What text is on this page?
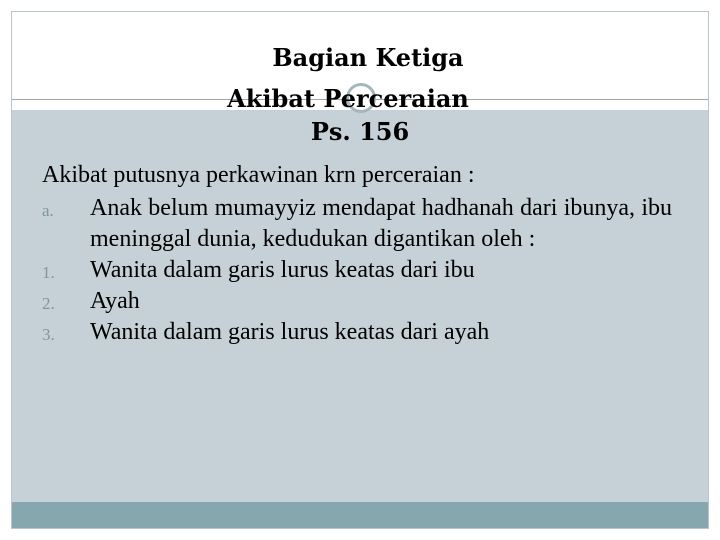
Bagian Ketiga
Akibat Perceraian
Ps. 156

Akibat putusnya perkawinan krn perceraian :

a. Anak belum mumayyiz mendapat hadhanah dari ibunya, ibu meninggal dunia, kedudukan digantikan oleh :
1. Wanita dalam garis lurus keatas dari ibu
2. Ayah
3. Wanita dalam garis lurus keatas dari ayah
